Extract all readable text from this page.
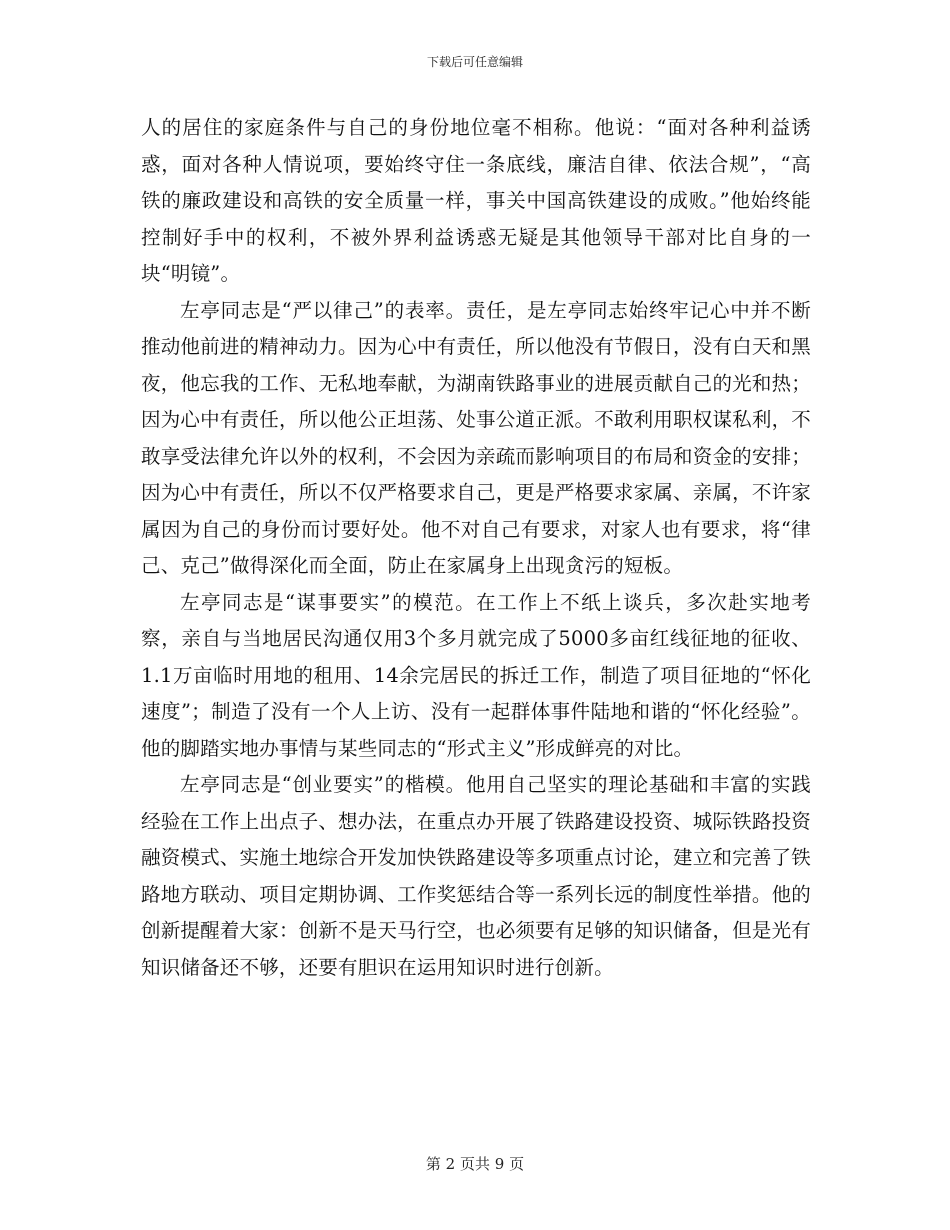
下载后可任意编辑

人的居住的家庭条件与自己的身份地位毫不相称。他说：“面对各种利益诱惑，面对各种人情说项，要始终守住一条底线，廉洁自律、依法合规”，“高铁的廉政建设和高铁的安全质量一样，事关中国高铁建设的成败。”他始终能控制好手中的权利，不被外界利益诱惑无疑是其他领导干部对比自身的一块“明镜”。

左亭同志是“严以律己”的表率。责任，是左亭同志始终牢记心中并不断推动他前进的精神动力。因为心中有责任，所以他没有节假日，没有白天和黑夜，他忘我的工作、无私地奉献，为湖南铁路事业的进展贡献自己的光和热；因为心中有责任，所以他公正坦荡、处事公道正派。不敢利用职权谋私利，不敢享受法律允许以外的权利，不会因为亲疏而影响项目的布局和资金的安排；因为心中有责任，所以不仅严格要求自己，更是严格要求家属、亲属，不许家属因为自己的身份而讨要好处。他不对自己有要求，对家人也有要求，将“律己、克己”做得深化而全面，防止在家属身上出现贪污的短板。

左亭同志是“谋事要实”的模范。在工作上不纸上谈兵，多次赴实地考察，亲自与当地居民沟通仅用3个多月就完成了5000多亩红线征地的征收、1.1万亩临时用地的租用、14余完居民的拆迁工作，制造了项目征地的“怀化速度”；制造了没有一个人上访、没有一起群体事件陆地和谐的“怀化经验”。他的脚踏实地办事情与某些同志的“形式主义”形成鲜亮的对比。

左亭同志是“创业要实”的楷模。他用自己坚实的理论基础和丰富的实践经验在工作上出点子、想办法，在重点办开展了铁路建设投资、城际铁路投资融资模式、实施土地综合开发加快铁路建设等多项重点讨论，建立和完善了铁路地方联动、项目定期协调、工作奖惩结合等一系列长远的制度性举措。他的创新提醒着大家：创新不是天马行空，也必须要有足够的知识储备，但是光有知识储备还不够，还要有胆识在运用知识时进行创新。

第 2 页共 9 页
